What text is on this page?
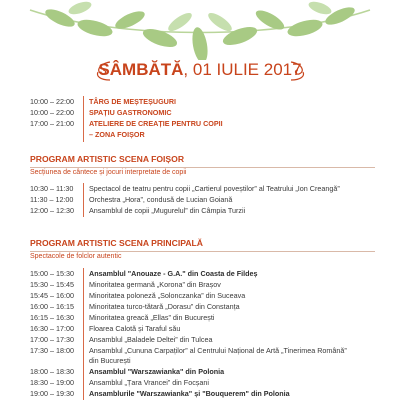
SÂMBĂTĂ, 01 IULIE 2017
10:00 – 22:00	TÂRG DE MEȘTEȘUGURI
10:00 – 22:00	SPAȚIU GASTRONOMIC
17:00 – 21:00	ATELIERE DE CREAȚIE PENTRU COPII
– ZONA FOIȘOR
PROGRAM ARTISTIC SCENA FOIȘOR
Secțiunea de cântece și jocuri interpretate de copii
10:30 – 11:30	Spectacol de teatru pentru copii „Cartierul poveștilor” al Teatrului „Ion Creangă”
11:30 – 12:00	Orchestra „Hora”, condusă de Lucian Goiană
12:00 – 12:30	Ansamblul de copii „Mugurelul” din Câmpia Turzii
PROGRAM ARTISTIC SCENA PRINCIPALĂ
Spectacole de folclor autentic
15:00 – 15:30	Ansamblul "Anouaze - G.A." din Coasta de Fildeș
15:30 – 15:45	Minoritatea germană „Korona” din Brașov
15:45 – 16:00	Minoritatea poloneză „Solonczanka” din Suceava
16:00 – 16:15	Minoritatea turco-tătară „Dorasu” din Constanța
16:15 – 16:30	Minoritatea greacă „Ellas” din București
16:30 – 17:00	Floarea Calotă și Taraful său
17:00 – 17:30	Ansamblul „Baladele Deltei” din Tulcea
17:30 – 18:00	Ansamblul „Cununa Carpaților” al Centrului Național de Artă „Tinerimea Română”
din București
18:00 – 18:30	Ansamblul "Warszawianka" din Polonia
18:30 – 19:00	Ansamblul „Țara Vrancei” din Focșani
19:00 – 19:30	Ansamblurile "Warszawianka" și "Bouquerem" din Polonia
